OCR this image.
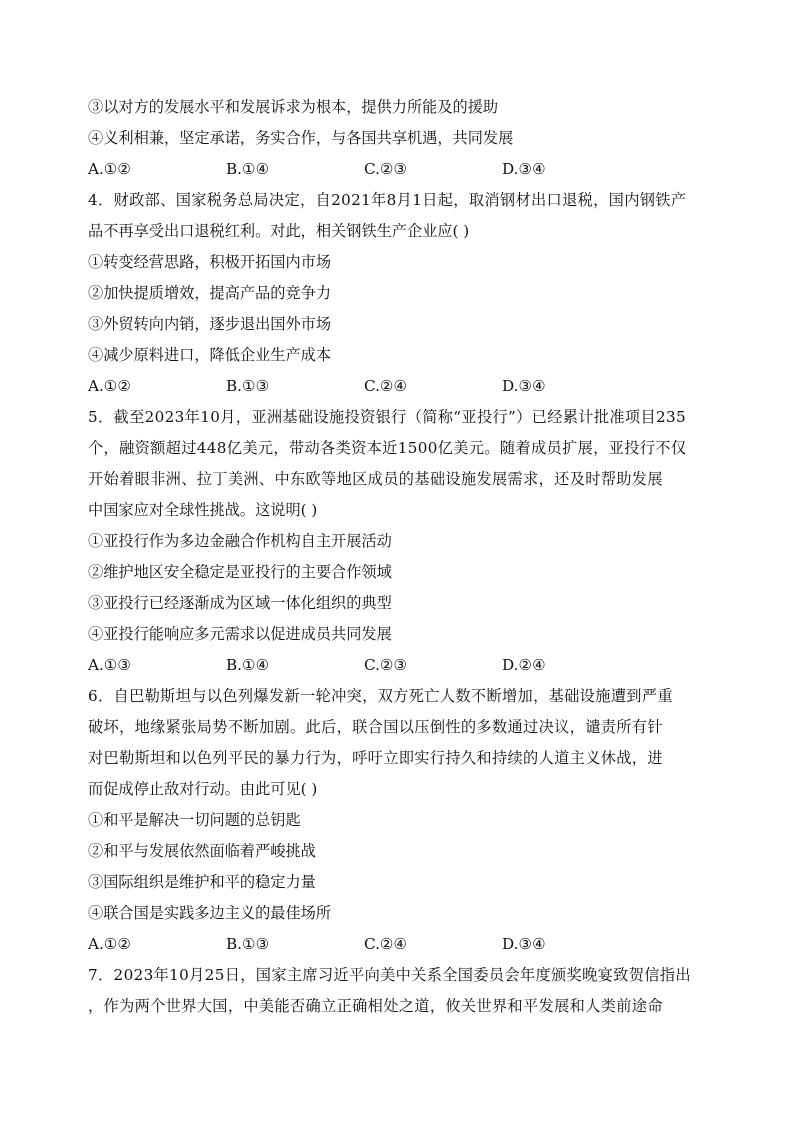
③以对方的发展水平和发展诉求为根本，提供力所能及的援助
④义利相兼，坚定承诺，务实合作，与各国共享机遇，共同发展
A.①②	B.①④	C.②③	D.③④
4．财政部、国家税务总局决定，自2021年8月1日起，取消钢材出口退税，国内钢铁产
品不再享受出口退税红利。对此，相关钢铁生产企业应( )
①转变经营思路，积极开拓国内市场
②加快提质增效，提高产品的竞争力
③外贸转向内销，逐步退出国外市场
④减少原料进口，降低企业生产成本
A.①②	B.①③	C.②④	D.③④
5．截至2023年10月，亚洲基础设施投资银行（简称“亚投行”）已经累计批准项目235
个，融资额超过448亿美元，带动各类资本近1500亿美元。随着成员扩展，亚投行不仅
开始着眼非洲、拉丁美洲、中东欧等地区成员的基础设施发展需求，还及时帮助发展
中国家应对全球性挑战。这说明( )
①亚投行作为多边金融合作机构自主开展活动
②维护地区安全稳定是亚投行的主要合作领域
③亚投行已经逐渐成为区域一体化组织的典型
④亚投行能响应多元需求以促进成员共同发展
A.①③	B.①④	C.②③	D.②④
6．自巴勒斯坦与以色列爆发新一轮冲突，双方死亡人数不断增加，基础设施遭到严重
破坏，地缘紧张局势不断加剧。此后，联合国以压倒性的多数通过决议，谴责所有针
对巴勒斯坦和以色列平民的暴力行为，呼吁立即实行持久和持续的人道主义休战，进
而促成停止敌对行动。由此可见( )
①和平是解决一切问题的总钥匙
②和平与发展依然面临着严峻挑战
③国际组织是维护和平的稳定力量
④联合国是实践多边主义的最佳场所
A.①②	B.①③	C.②④	D.③④
7．2023年10月25日，国家主席习近平向美中关系全国委员会年度颁奖晚宴致贺信指出
，作为两个世界大国，中美能否确立正确相处之道，攸关世界和平发展和人类前途命
